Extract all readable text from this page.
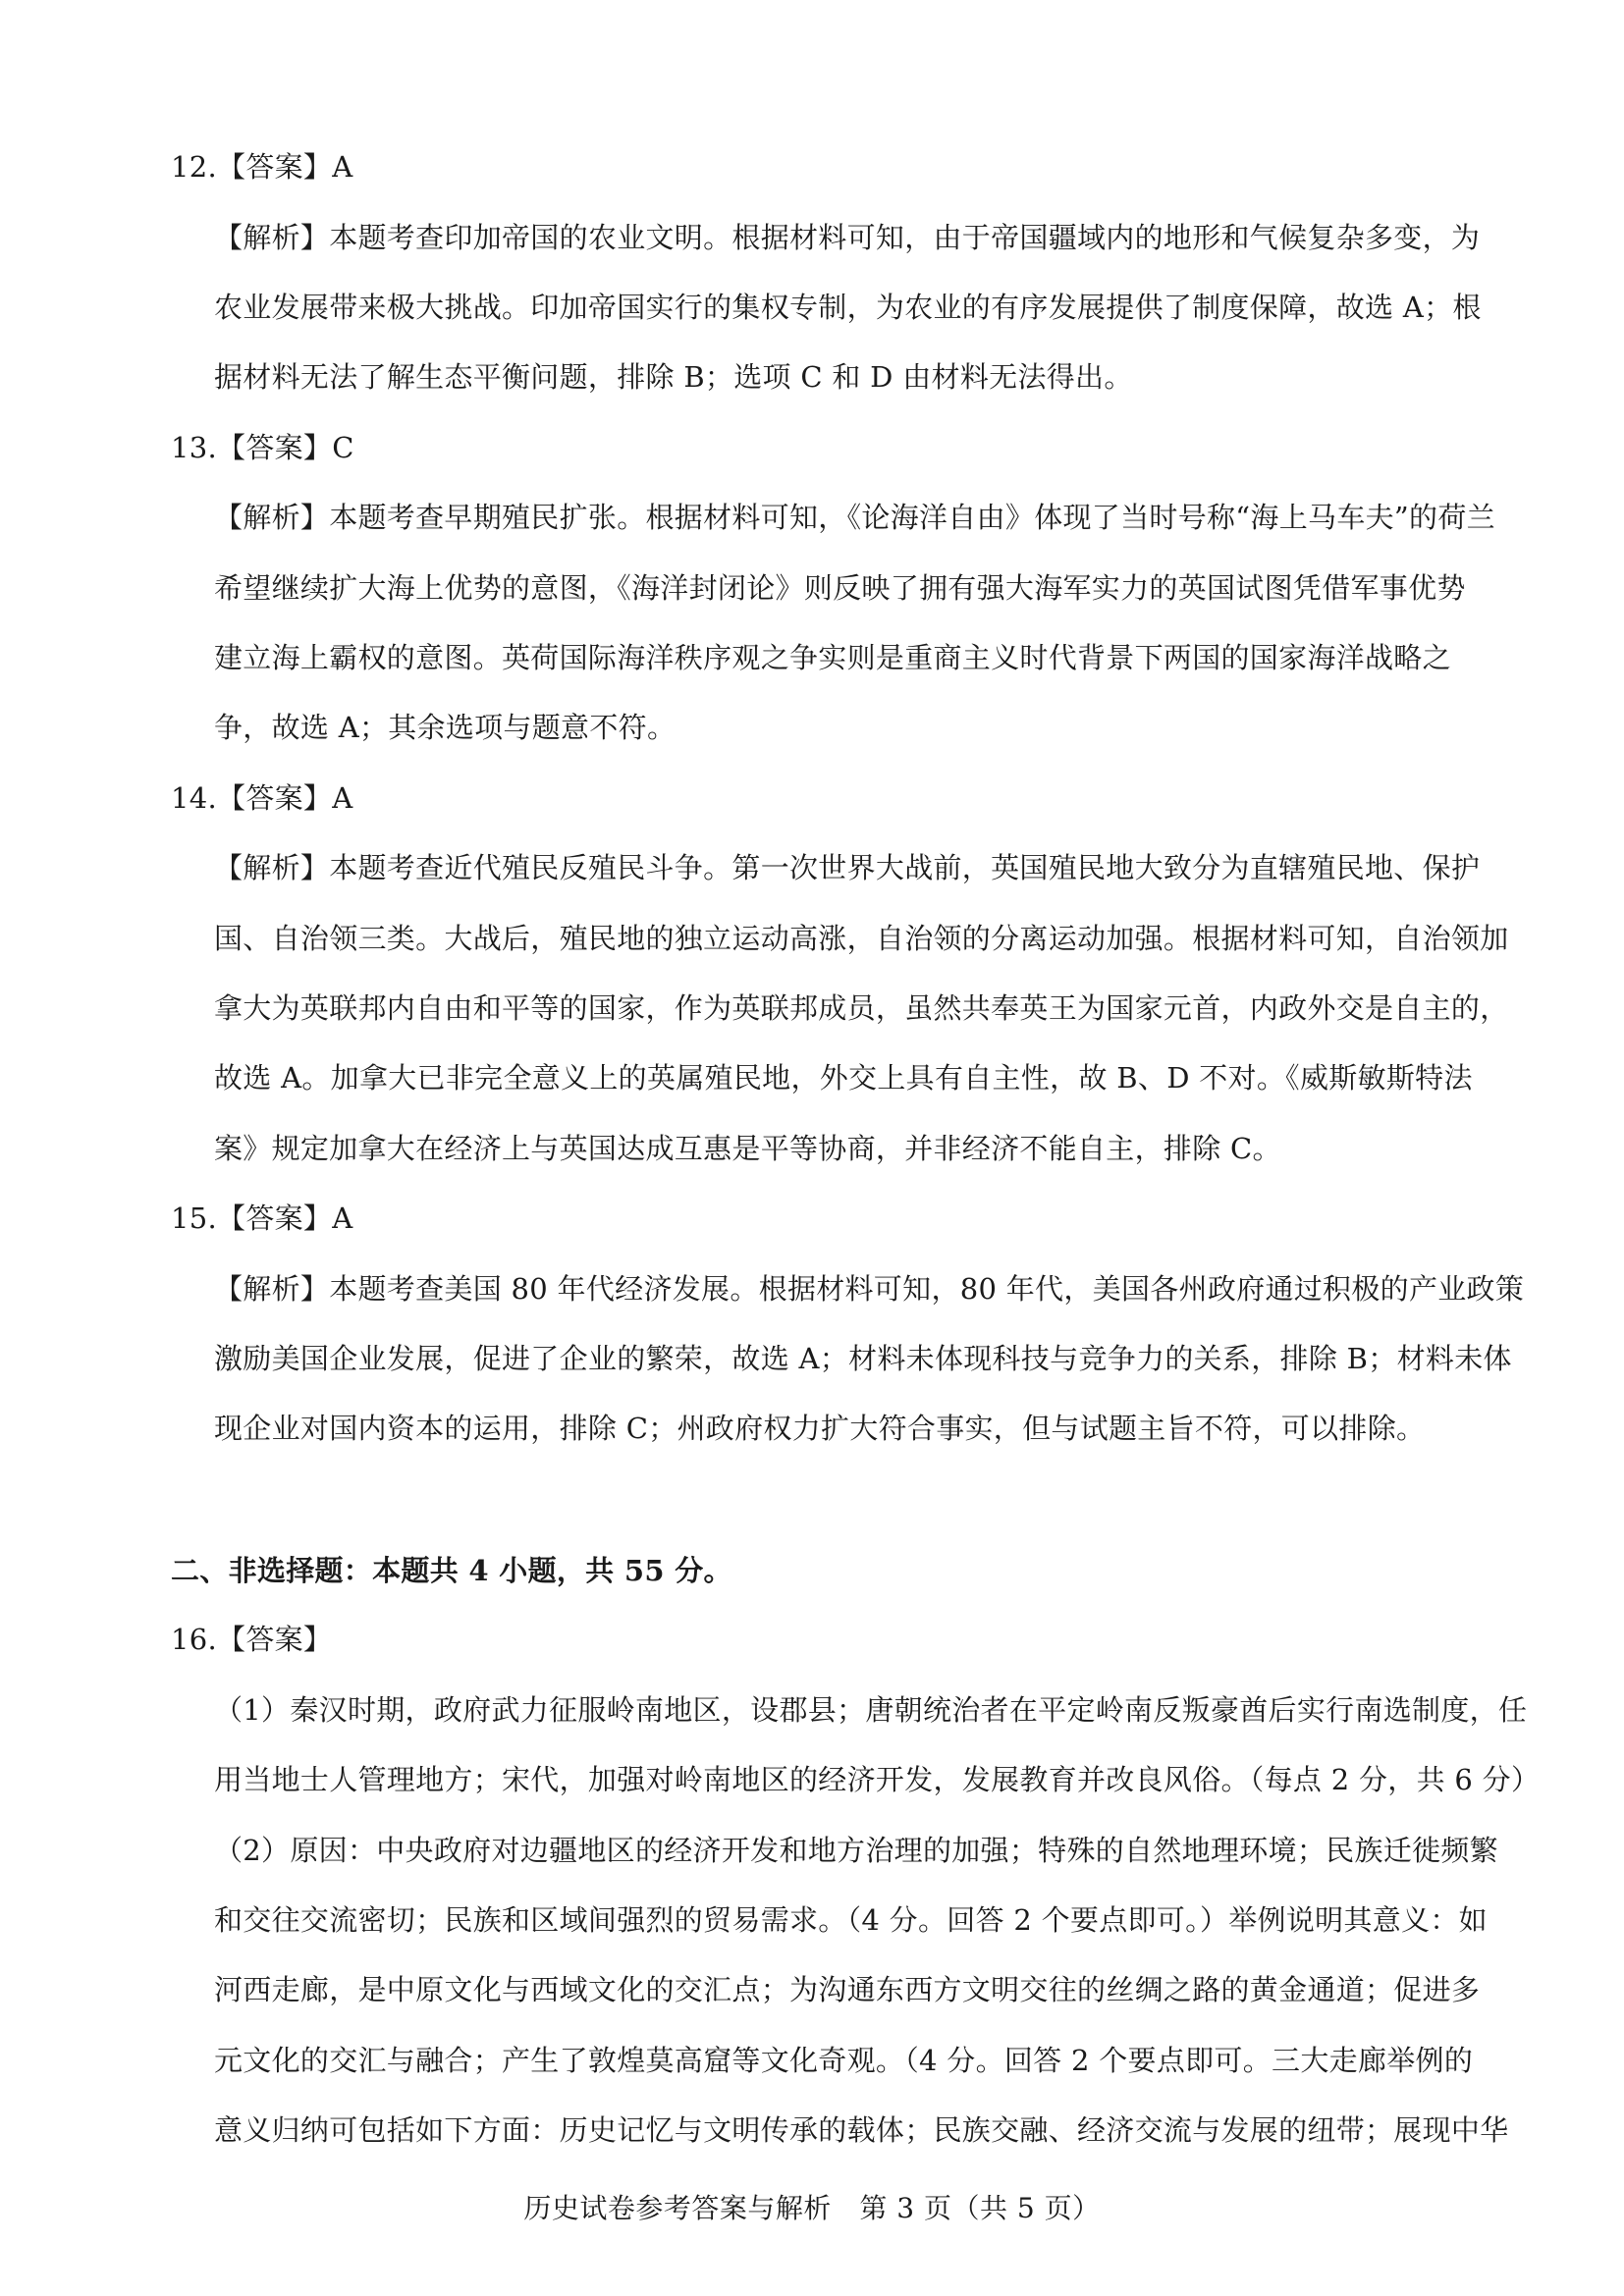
12.【答案】A
【解析】本题考查印加帝国的农业文明。根据材料可知，由于帝国疆域内的地形和气候复杂多变，为
农业发展带来极大挑战。印加帝国实行的集权专制，为农业的有序发展提供了制度保障，故选 A；根
据材料无法了解生态平衡问题，排除 B；选项 C 和 D 由材料无法得出。
13.【答案】C
【解析】本题考查早期殖民扩张。根据材料可知，《论海洋自由》体现了当时号称“海上马车夫”的荷兰
希望继续扩大海上优势的意图，《海洋封闭论》则反映了拥有强大海军实力的英国试图凭借军事优势
建立海上霸权的意图。英荷国际海洋秩序观之争实则是重商主义时代背景下两国的国家海洋战略之
争，故选 A；其余选项与题意不符。
14.【答案】A
【解析】本题考查近代殖民反殖民斗争。第一次世界大战前，英国殖民地大致分为直辖殖民地、保护
国、自治领三类。大战后，殖民地的独立运动高涨，自治领的分离运动加强。根据材料可知，自治领加
拿大为英联邦内自由和平等的国家，作为英联邦成员，虽然共奉英王为国家元首，内政外交是自主的，
故选 A。加拿大已非完全意义上的英属殖民地，外交上具有自主性，故 B、D 不对。《威斯敏斯特法
案》规定加拿大在经济上与英国达成互惠是平等协商，并非经济不能自主，排除 C。
15.【答案】A
【解析】本题考查美国 80 年代经济发展。根据材料可知，80 年代，美国各州政府通过积极的产业政策
激励美国企业发展，促进了企业的繁荣，故选 A；材料未体现科技与竞争力的关系，排除 B；材料未体
现企业对国内资本的运用，排除 C；州政府权力扩大符合事实，但与试题主旨不符，可以排除。
二、非选择题：本题共 4 小题，共 55 分。
16.【答案】
（1）秦汉时期，政府武力征服岭南地区，设郡县；唐朝统治者在平定岭南反叛豪酋后实行南选制度，任
用当地士人管理地方；宋代，加强对岭南地区的经济开发，发展教育并改良风俗。（每点 2 分，共 6 分）
（2）原因：中央政府对边疆地区的经济开发和地方治理的加强；特殊的自然地理环境；民族迁徙频繁
和交往交流密切；民族和区域间强烈的贸易需求。（4 分。回答 2 个要点即可。）举例说明其意义：如
河西走廊，是中原文化与西域文化的交汇点；为沟通东西方文明交往的丝绸之路的黄金通道；促进多
元文化的交汇与融合；产生了敦煌莫高窟等文化奇观。（4 分。回答 2 个要点即可。三大走廊举例的
意义归纳可包括如下方面：历史记忆与文明传承的载体；民族交融、经济交流与发展的纽带；展现中华
历史试卷参考答案与解析　第 3 页（共 5 页）
